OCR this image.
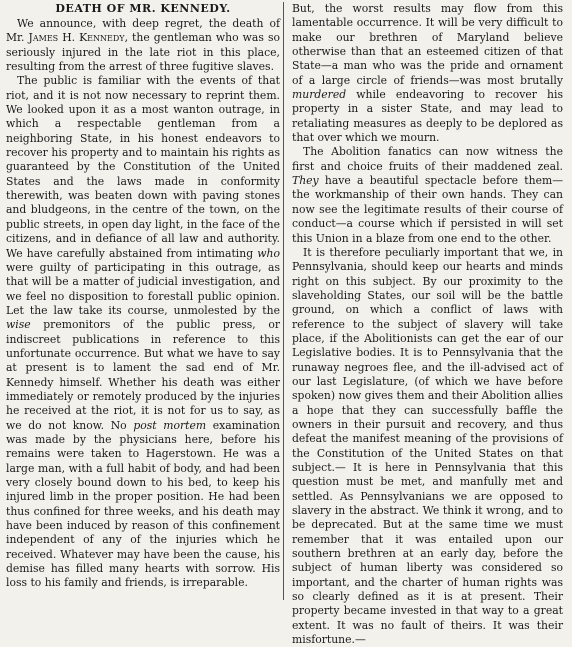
DEATH OF MR. KENNEDY.

We announce, with deep regret, the death of Mr. James H. Kennedy, the gentleman who was so seriously injured in the late riot in this place, resulting from the arrest of three fugitive slaves.

The public is familiar with the events of that riot, and it is not now necessary to reprint them. We looked upon it as a most wanton outrage, in which a respectable gentleman from a neighboring State, in his honest endeavors to recover his property and to maintain his rights as guaranteed by the Constitution of the United States and the laws made in conformity therewith, was beaten down with paving stones and bludgeons, in the centre of the town, on the public streets, in open day light, in the face of the citizens, and in defiance of all law and authority. We have carefully abstained from intimating who were guilty of participating in this outrage, as that will be a matter of judicial investigation, and we feel no disposition to forestall public opinion. Let the law take its course, unmolested by the wise premonitors of the public press, or indiscreet publications in reference to this unfortunate occurrence. But what we have to say at present is to lament the sad end of Mr. Kennedy himself. Whether his death was either immediately or remotely produced by the injuries he received at the riot, it is not for us to say, as we do not know. No post mortem examination was made by the physicians here, before his remains were taken to Hagerstown. He was a large man, with a full habit of body, and had been very closely bound down to his bed, to keep his injured limb in the proper position. He had been thus confined for three weeks, and his death may have been induced by reason of this confinement independent of any of the injuries which he received. Whatever may have been the cause, his demise has filled many hearts with sorrow. His loss to his family and friends, is irreparable.

But, the worst results may flow from this lamentable occurrence. It will be very difficult to make our brethren of Maryland believe otherwise than that an esteemed citizen of that State—a man who was the pride and ornament of a large circle of friends—was most brutally murdered while endeavoring to recover his property in a sister State, and may lead to retaliating measures as deeply to be deplored as that over which we mourn.

The Abolition fanatics can now witness the first and choice fruits of their maddened zeal. They have a beautiful spectacle before them—the workmanship of their own hands. They can now see the legitimate results of their course of conduct—a course which if persisted in will set this Union in a blaze from one end to the other.

It is therefore peculiarly important that we, in Pennsylvania, should keep our hearts and minds right on this subject. By our proximity to the slaveholding States, our soil will be the battle ground, on which a conflict of laws with reference to the subject of slavery will take place, if the Abolitionists can get the ear of our Legislative bodies. It is to Pennsylvania that the runaway negroes flee, and the ill-advised act of our last Legislature, (of which we have before spoken) now gives them and their Abolition allies a hope that they can successfully baffle the owners in their pursuit and recovery, and thus defeat the manifest meaning of the provisions of the Constitution of the United States on that subject.— It is here in Pennsylvania that this question must be met, and manfully met and settled. As Pennsylvanians we are opposed to slavery in the abstract. We think it wrong, and to be deprecated. But at the same time we must remember that it was entailed upon our southern brethren at an early day, before the subject of human liberty was considered so important, and the charter of human rights was so clearly defined as it is at present. Their property became invested in that way to a great extent. It was no fault of theirs. It was their misfortune.—
